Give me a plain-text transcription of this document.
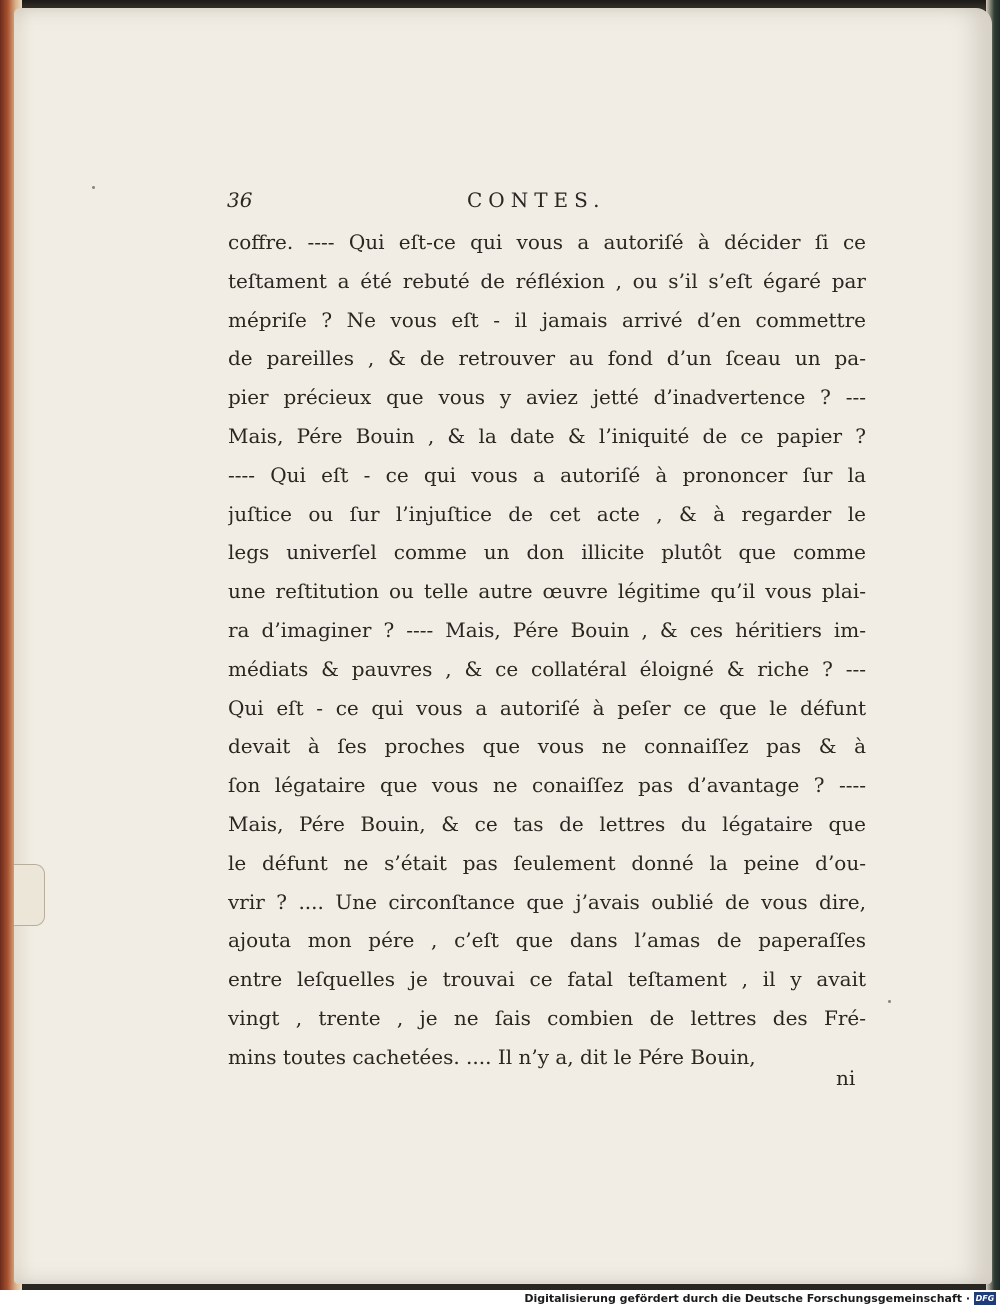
36	CONTES.
coffre. ---- Qui eſt-ce qui vous a autoriſé à décider ſi ce
teſtament a été rebuté de réfléxion , ou s’il s’eſt égaré par
mépriſe ? Ne vous eſt - il jamais arrivé d’en commettre
de pareilles , & de retrouver au fond d’un ſceau un pa-
pier précieux que vous y aviez jetté d’inadvertence ? ---
Mais, Pére Bouin , & la date & l’iniquité de ce papier ?
---- Qui eſt - ce qui vous a autoriſé à prononcer ſur la
juſtice ou ſur l’injuſtice de cet acte , & à regarder le
legs univerſel comme un don illicite plutôt que comme
une reſtitution ou telle autre œuvre légitime qu’il vous plai-
ra d’imaginer ? ---- Mais, Pére Bouin , & ces héritiers im-
médiats & pauvres , & ce collatéral éloigné & riche ? ---
Qui eſt - ce qui vous a autoriſé à peſer ce que le défunt
devait à ſes proches que vous ne connaiſſez pas & à
ſon légataire que vous ne conaiſſez pas d’avantage ? ----
Mais, Pére Bouin, & ce tas de lettres du légataire que
le défunt ne s’était pas ſeulement donné la peine d’ou-
vrir ? .... Une circonſtance que j’avais oublié de vous dire,
ajouta mon pére , c’eſt que dans l’amas de paperaſſes
entre leſquelles je trouvai ce fatal teſtament , il y avait
vingt , trente , je ne ſais combien de lettres des Fré-
mins toutes cachetées. .... Il n’y a, dit le Pére Bouin,
ni
Digitalisierung gefördert durch die Deutsche Forschungsgemeinschaft · DFG
